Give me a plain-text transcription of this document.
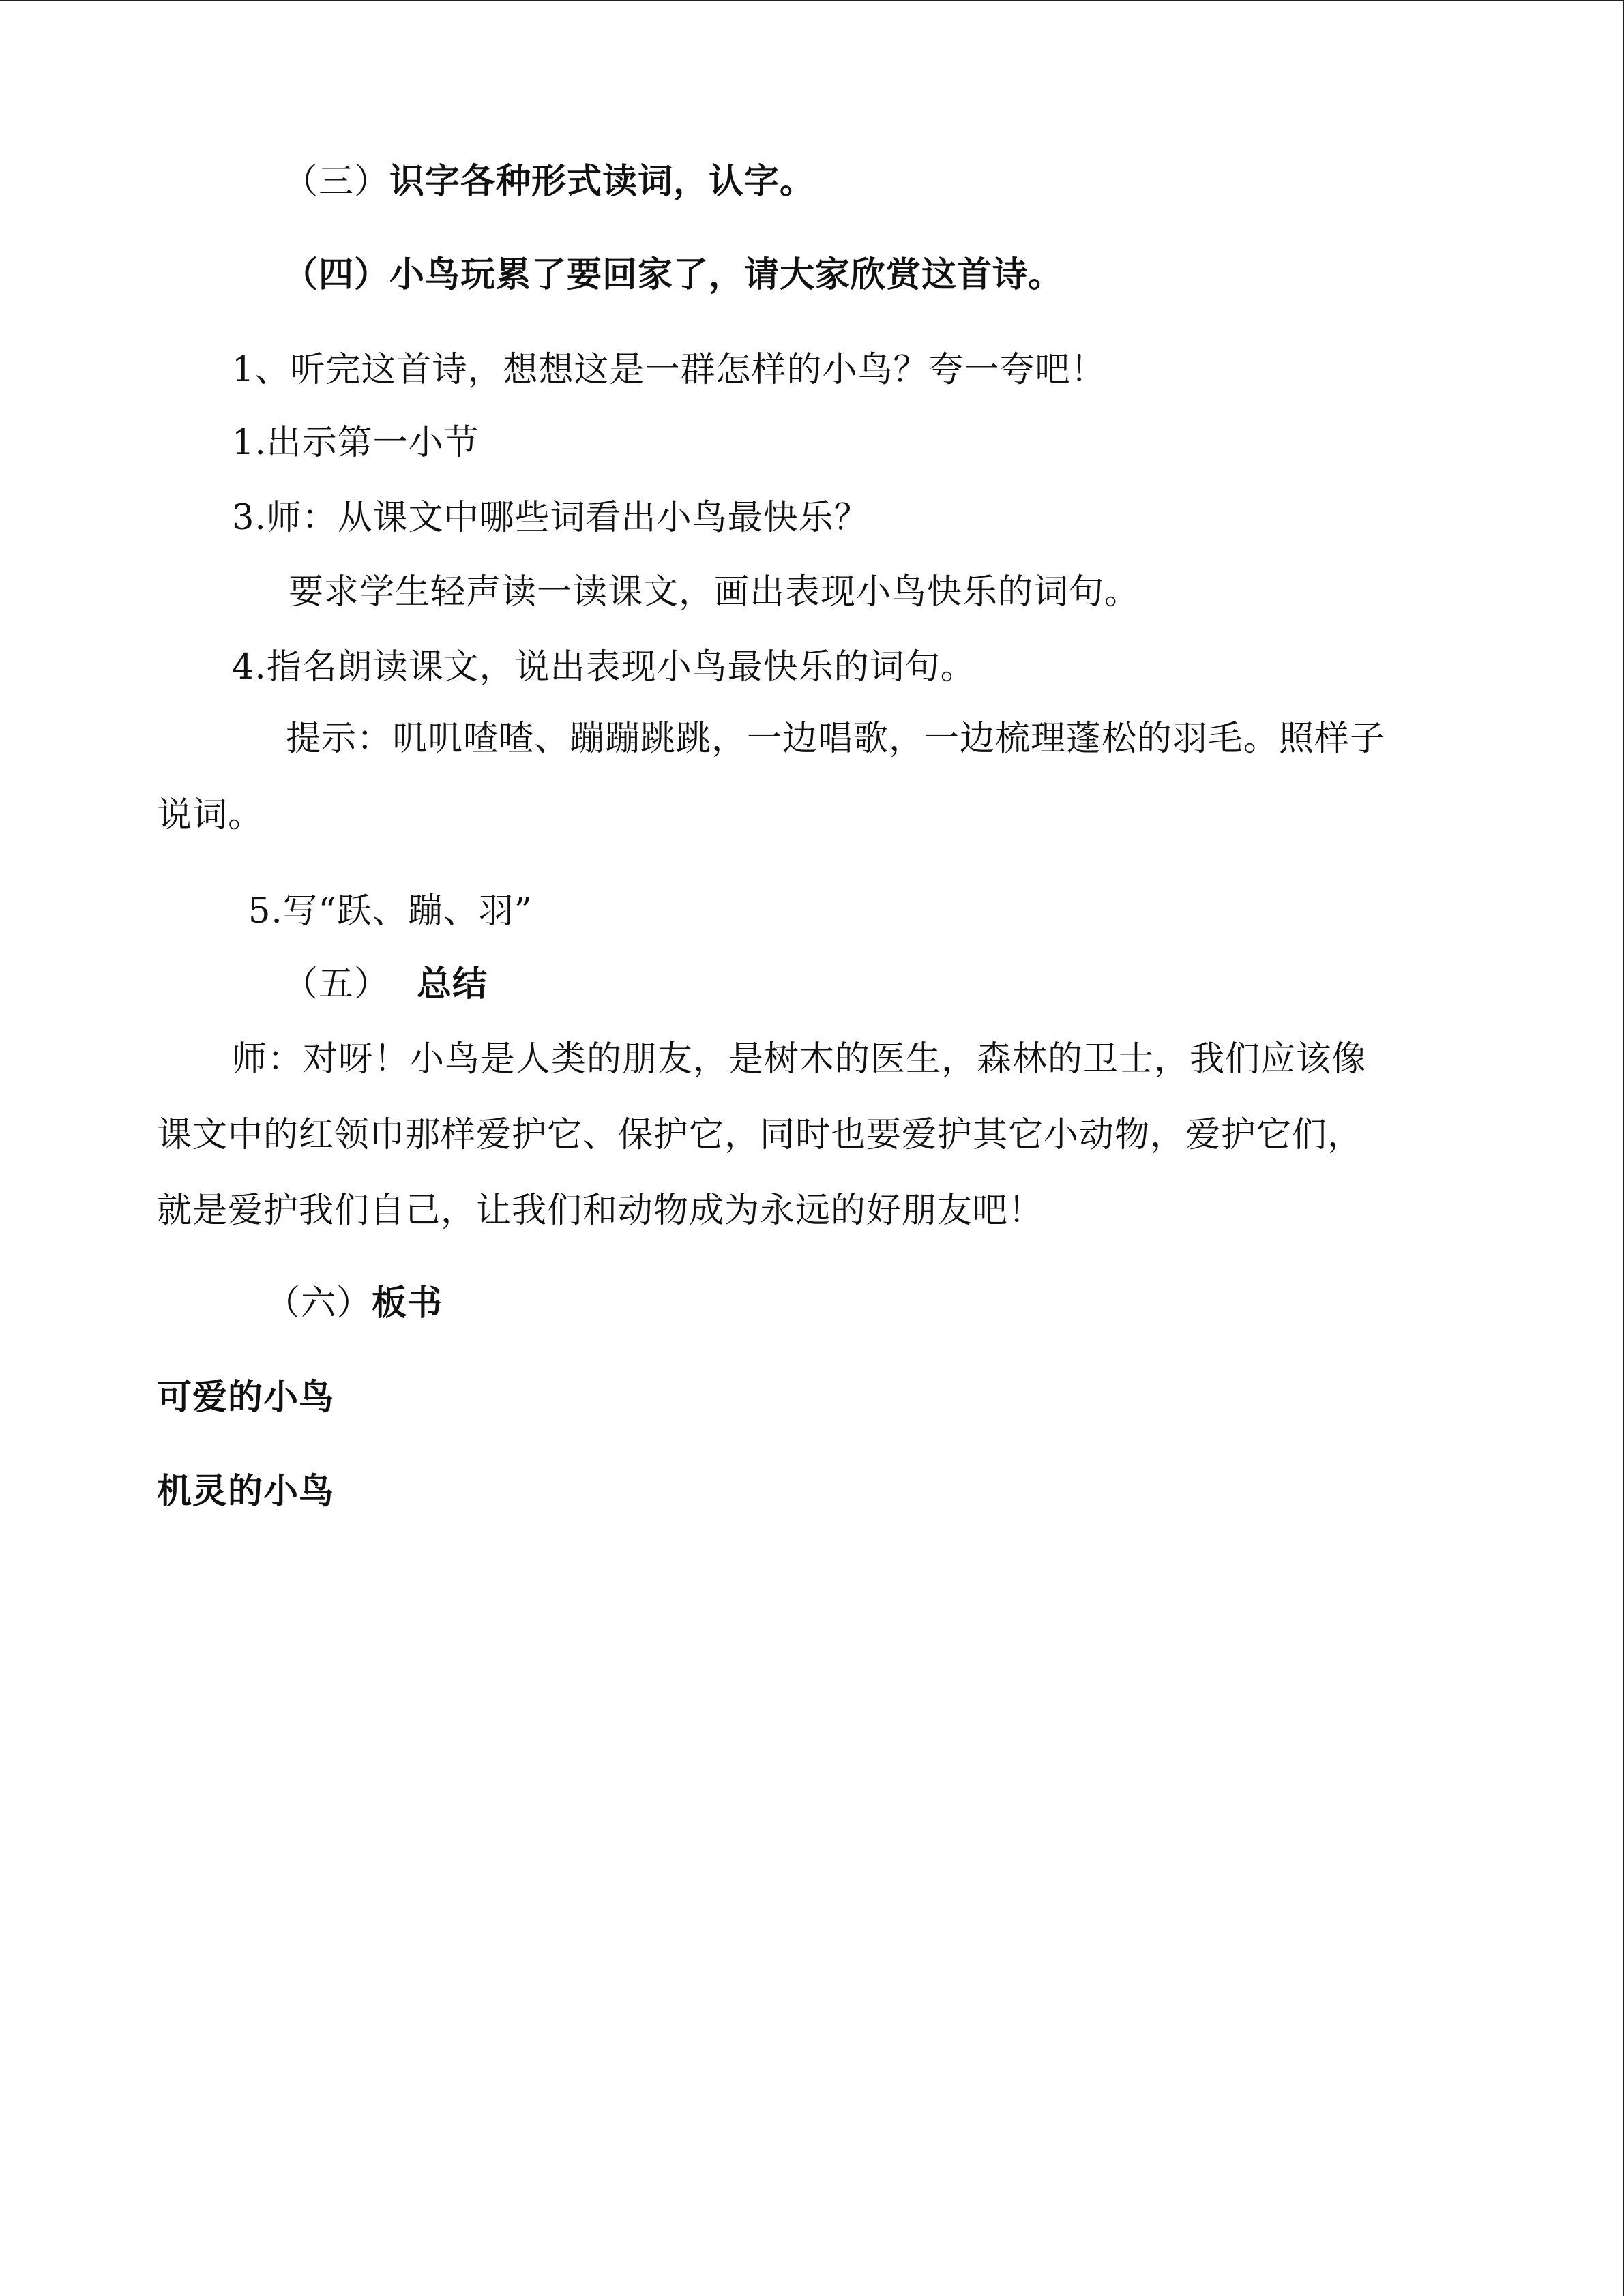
（三）识字各种形式读词，认字。
（四）小鸟玩累了要回家了，请大家欣赏这首诗。
1、听完这首诗，想想这是一群怎样的小鸟？夸一夸吧！
1.出示第一小节
3.师：从课文中哪些词看出小鸟最快乐？
要求学生轻声读一读课文，画出表现小鸟快乐的词句。
4.指名朗读课文，说出表现小鸟最快乐的词句。
提示：叽叽喳喳、蹦蹦跳跳，一边唱歌，一边梳理蓬松的羽毛。照样子
说词。
5.写“跃、蹦、羽”
（五） 总结
师：对呀！小鸟是人类的朋友，是树木的医生，森林的卫士，我们应该像
课文中的红领巾那样爱护它、保护它，同时也要爱护其它小动物，爱护它们，
就是爱护我们自己，让我们和动物成为永远的好朋友吧！
（六）板书
可爱的小鸟
机灵的小鸟
